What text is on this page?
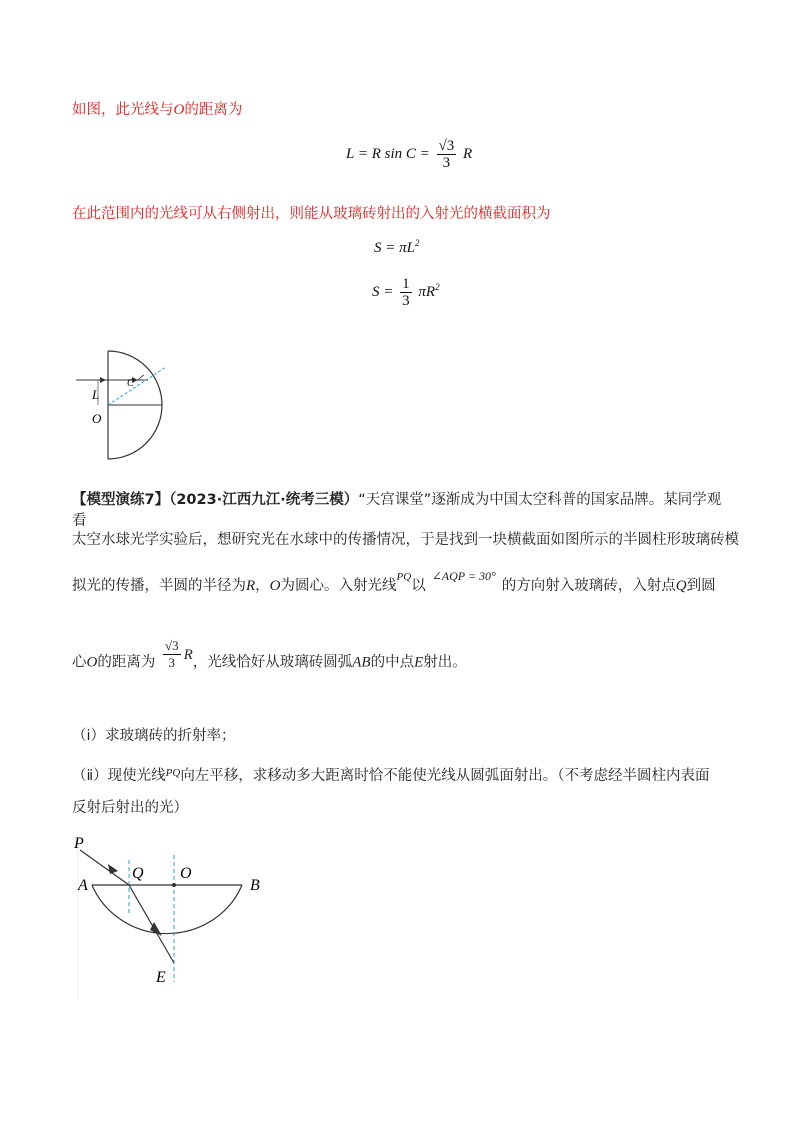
如图，此光线与O的距离为
L = R $\sin C = \frac{√3}{3}$ R
在此范围内的光线可从右侧射出，则能从玻璃砖射出的入射光的横截面积为
$S = \pi L^2$
$S = \frac{1}{3} \pi R^2$
L
O
C
【模型演练7】（2023·江西九江·统考三模）“天宫课堂”逐渐成为中国太空科普的国家品牌。某同学观看
太空水球光学实验后，想研究光在水球中的传播情况，于是找到一块横截面如图所示的半圆柱形玻璃砖模
拟光的传播，半圆的半径为R，O为圆心。入射光线$^{PQ}$以$^{\angle AQP = 30^\circ}$的方向射入玻璃砖，入射点Q到圆
心O的距离为 $\frac{√3}{3}$ R，光线恰好从玻璃砖圆弧AB的中点E射出。
（ⅰ）求玻璃砖的折射率；
（ⅱ）现使光线$^{PQ}$向左平移，求移动多大距离时恰不能使光线从圆弧面射出。（不考虑经半圆柱内表面
反射后射出的光）
P
Q O
A	B
E
